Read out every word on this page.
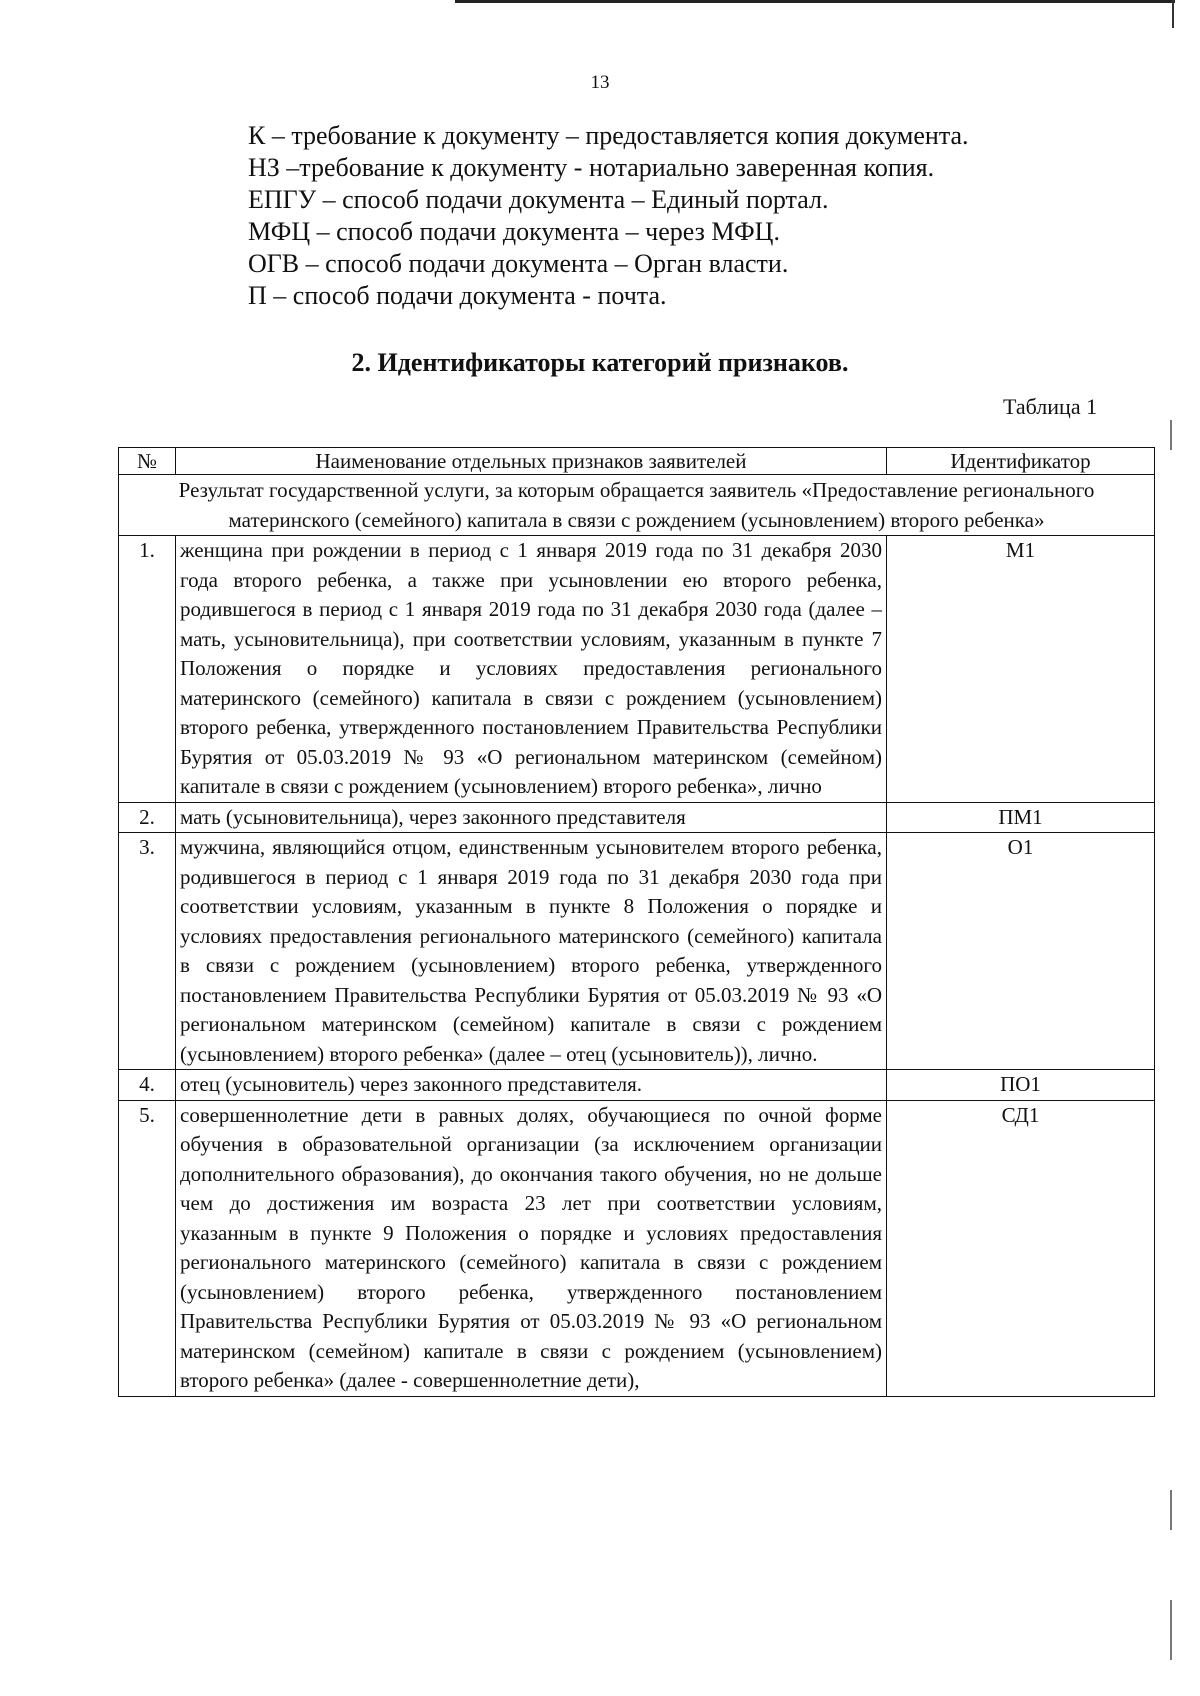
13
К – требование к документу – предоставляется копия документа.
НЗ –требование к документу - нотариально заверенная копия.
ЕПГУ – способ подачи документа – Единый портал.
МФЦ – способ подачи документа – через МФЦ.
ОГВ – способ подачи документа – Орган власти.
П – способ подачи документа - почта.
2. Идентификаторы категорий признаков.
Таблица 1
№	Наименование отдельных признаков заявителей	Идентификатор
Результат государственной услуги, за которым обращается заявитель «Предоставление регионального материнского (семейного) капитала в связи с рождением (усыновлением) второго ребенка»		
1.	женщина при рождении в период с 1 января 2019 года по 31 декабря 2030 года второго ребенка, а также при усыновлении ею второго ребенка, родившегося в период с 1 января 2019 года по 31 декабря 2030 года (далее – мать, усыновительница), при соответствии условиям, указанным в пункте 7 Положения о порядке и условиях предоставления регионального материнского (семейного) капитала в связи с рождением (усыновлением) второго ребенка, утвержденного постановлением Правительства Республики Бурятия от 05.03.2019 № 93 «О региональном материнском (семейном) капитале в связи с рождением (усыновлением) второго ребенка», лично	М1
2.	мать (усыновительница), через законного представителя	ПМ1
3.	мужчина, являющийся отцом, единственным усыновителем второго ребенка, родившегося в период с 1 января 2019 года по 31 декабря 2030 года при соответствии условиям, указанным в пункте 8 Положения о порядке и условиях предоставления регионального материнского (семейного) капитала в связи с рождением (усыновлением) второго ребенка, утвержденного постановлением Правительства Республики Бурятия от 05.03.2019 № 93 «О региональном материнском (семейном) капитале в связи с рождением (усыновлением) второго ребенка» (далее – отец (усыновитель)), лично.	О1
4.	отец (усыновитель) через законного представителя.	ПО1
5.	совершеннолетние дети в равных долях, обучающиеся по очной форме обучения в образовательной организации (за исключением организации дополнительного образования), до окончания такого обучения, но не дольше чем до достижения им возраста 23 лет при соответствии условиям, указанным в пункте 9 Положения о порядке и условиях предоставления регионального материнского (семейного) капитала в связи с рождением (усыновлением) второго ребенка, утвержденного постановлением Правительства Республики Бурятия от 05.03.2019 № 93 «О региональном материнском (семейном) капитале в связи с рождением (усыновлением) второго ребенка» (далее - совершеннолетние дети),	СД1
